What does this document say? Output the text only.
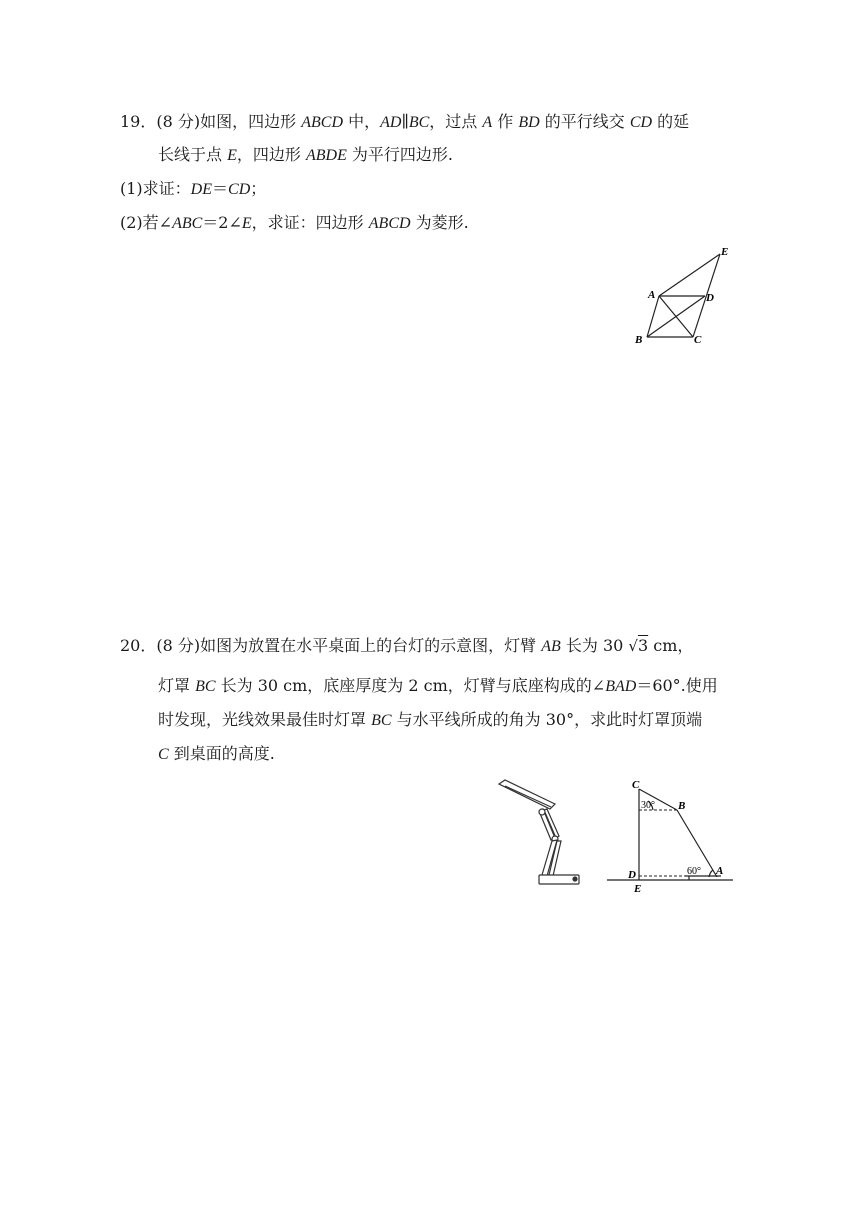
19．(8 分)如图，四边形 ABCD 中，AD∥BC，过点 A 作 BD 的平行线交 CD 的延
长线于点 E，四边形 ABDE 为平行四边形.
(1)求证：DE＝CD；
(2)若∠ABC＝2∠E，求证：四边形 ABCD 为菱形.
E
A	D
B	C
20．(8 分)如图为放置在水平桌面上的台灯的示意图，灯臂 AB 长为 30 √3 cm，
灯罩 BC 长为 30 cm，底座厚度为 2 cm，灯臂与底座构成的∠BAD＝60°.使用
时发现，光线效果最佳时灯罩 BC 与水平线所成的角为 30°，求此时灯罩顶端
C 到桌面的高度.
C
B
30°
D
E
60° A
